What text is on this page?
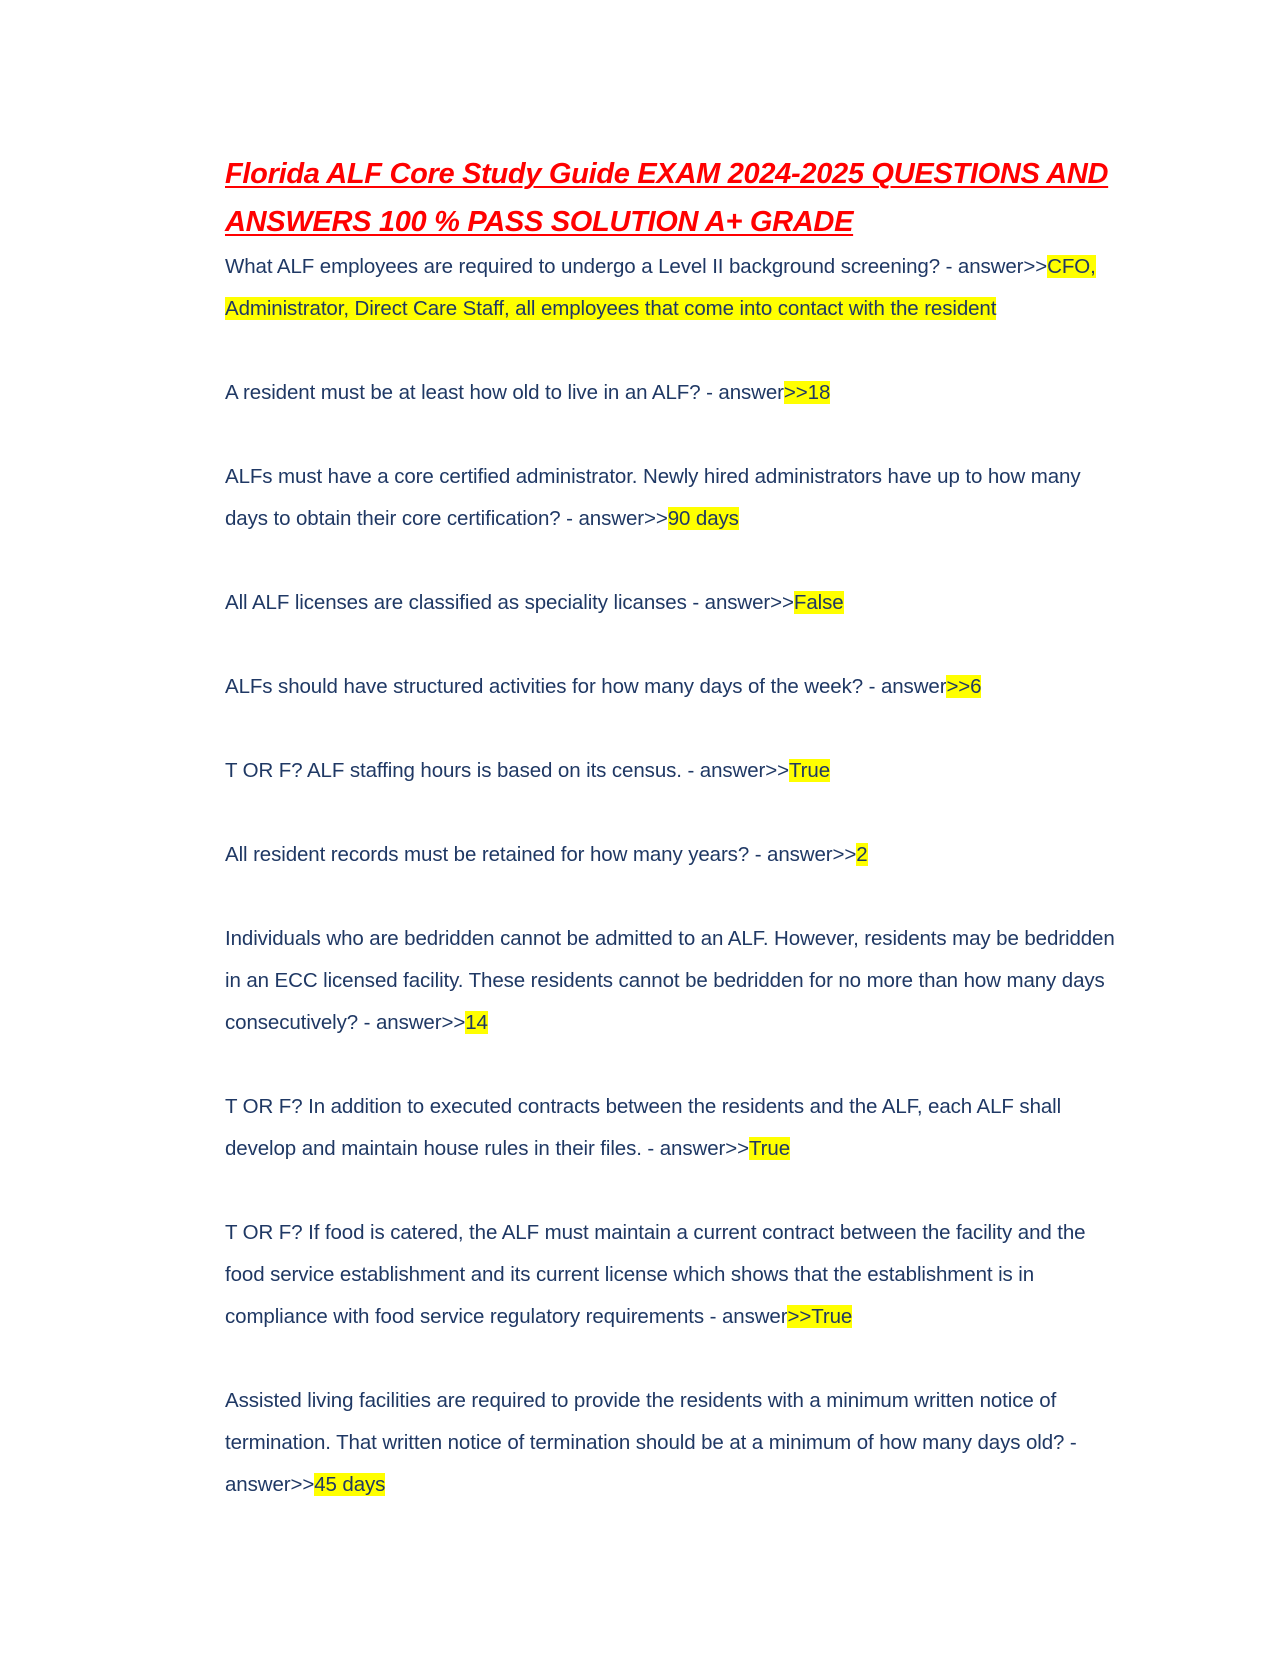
Florida ALF Core Study Guide EXAM 2024-2025 QUESTIONS AND ANSWERS 100 % PASS SOLUTION A+ GRADE

What ALF employees are required to undergo a Level II background screening? - answer>>CFO, Administrator, Direct Care Staff, all employees that come into contact with the resident

A resident must be at least how old to live in an ALF? - answer>>18

ALFs must have a core certified administrator. Newly hired administrators have up to how many days to obtain their core certification? - answer>>90 days

All ALF licenses are classified as speciality licanses - answer>>False

ALFs should have structured activities for how many days of the week? - answer>>6

T OR F? ALF staffing hours is based on its census. - answer>>True

All resident records must be retained for how many years? - answer>>2

Individuals who are bedridden cannot be admitted to an ALF. However, residents may be bedridden in an ECC licensed facility. These residents cannot be bedridden for no more than how many days consecutively? - answer>>14

T OR F? In addition to executed contracts between the residents and the ALF, each ALF shall develop and maintain house rules in their files. - answer>>True

T OR F? If food is catered, the ALF must maintain a current contract between the facility and the food service establishment and its current license which shows that the establishment is in compliance with food service regulatory requirements - answer>>True

Assisted living facilities are required to provide the residents with a minimum written notice of termination. That written notice of termination should be at a minimum of how many days old? - answer>>45 days
